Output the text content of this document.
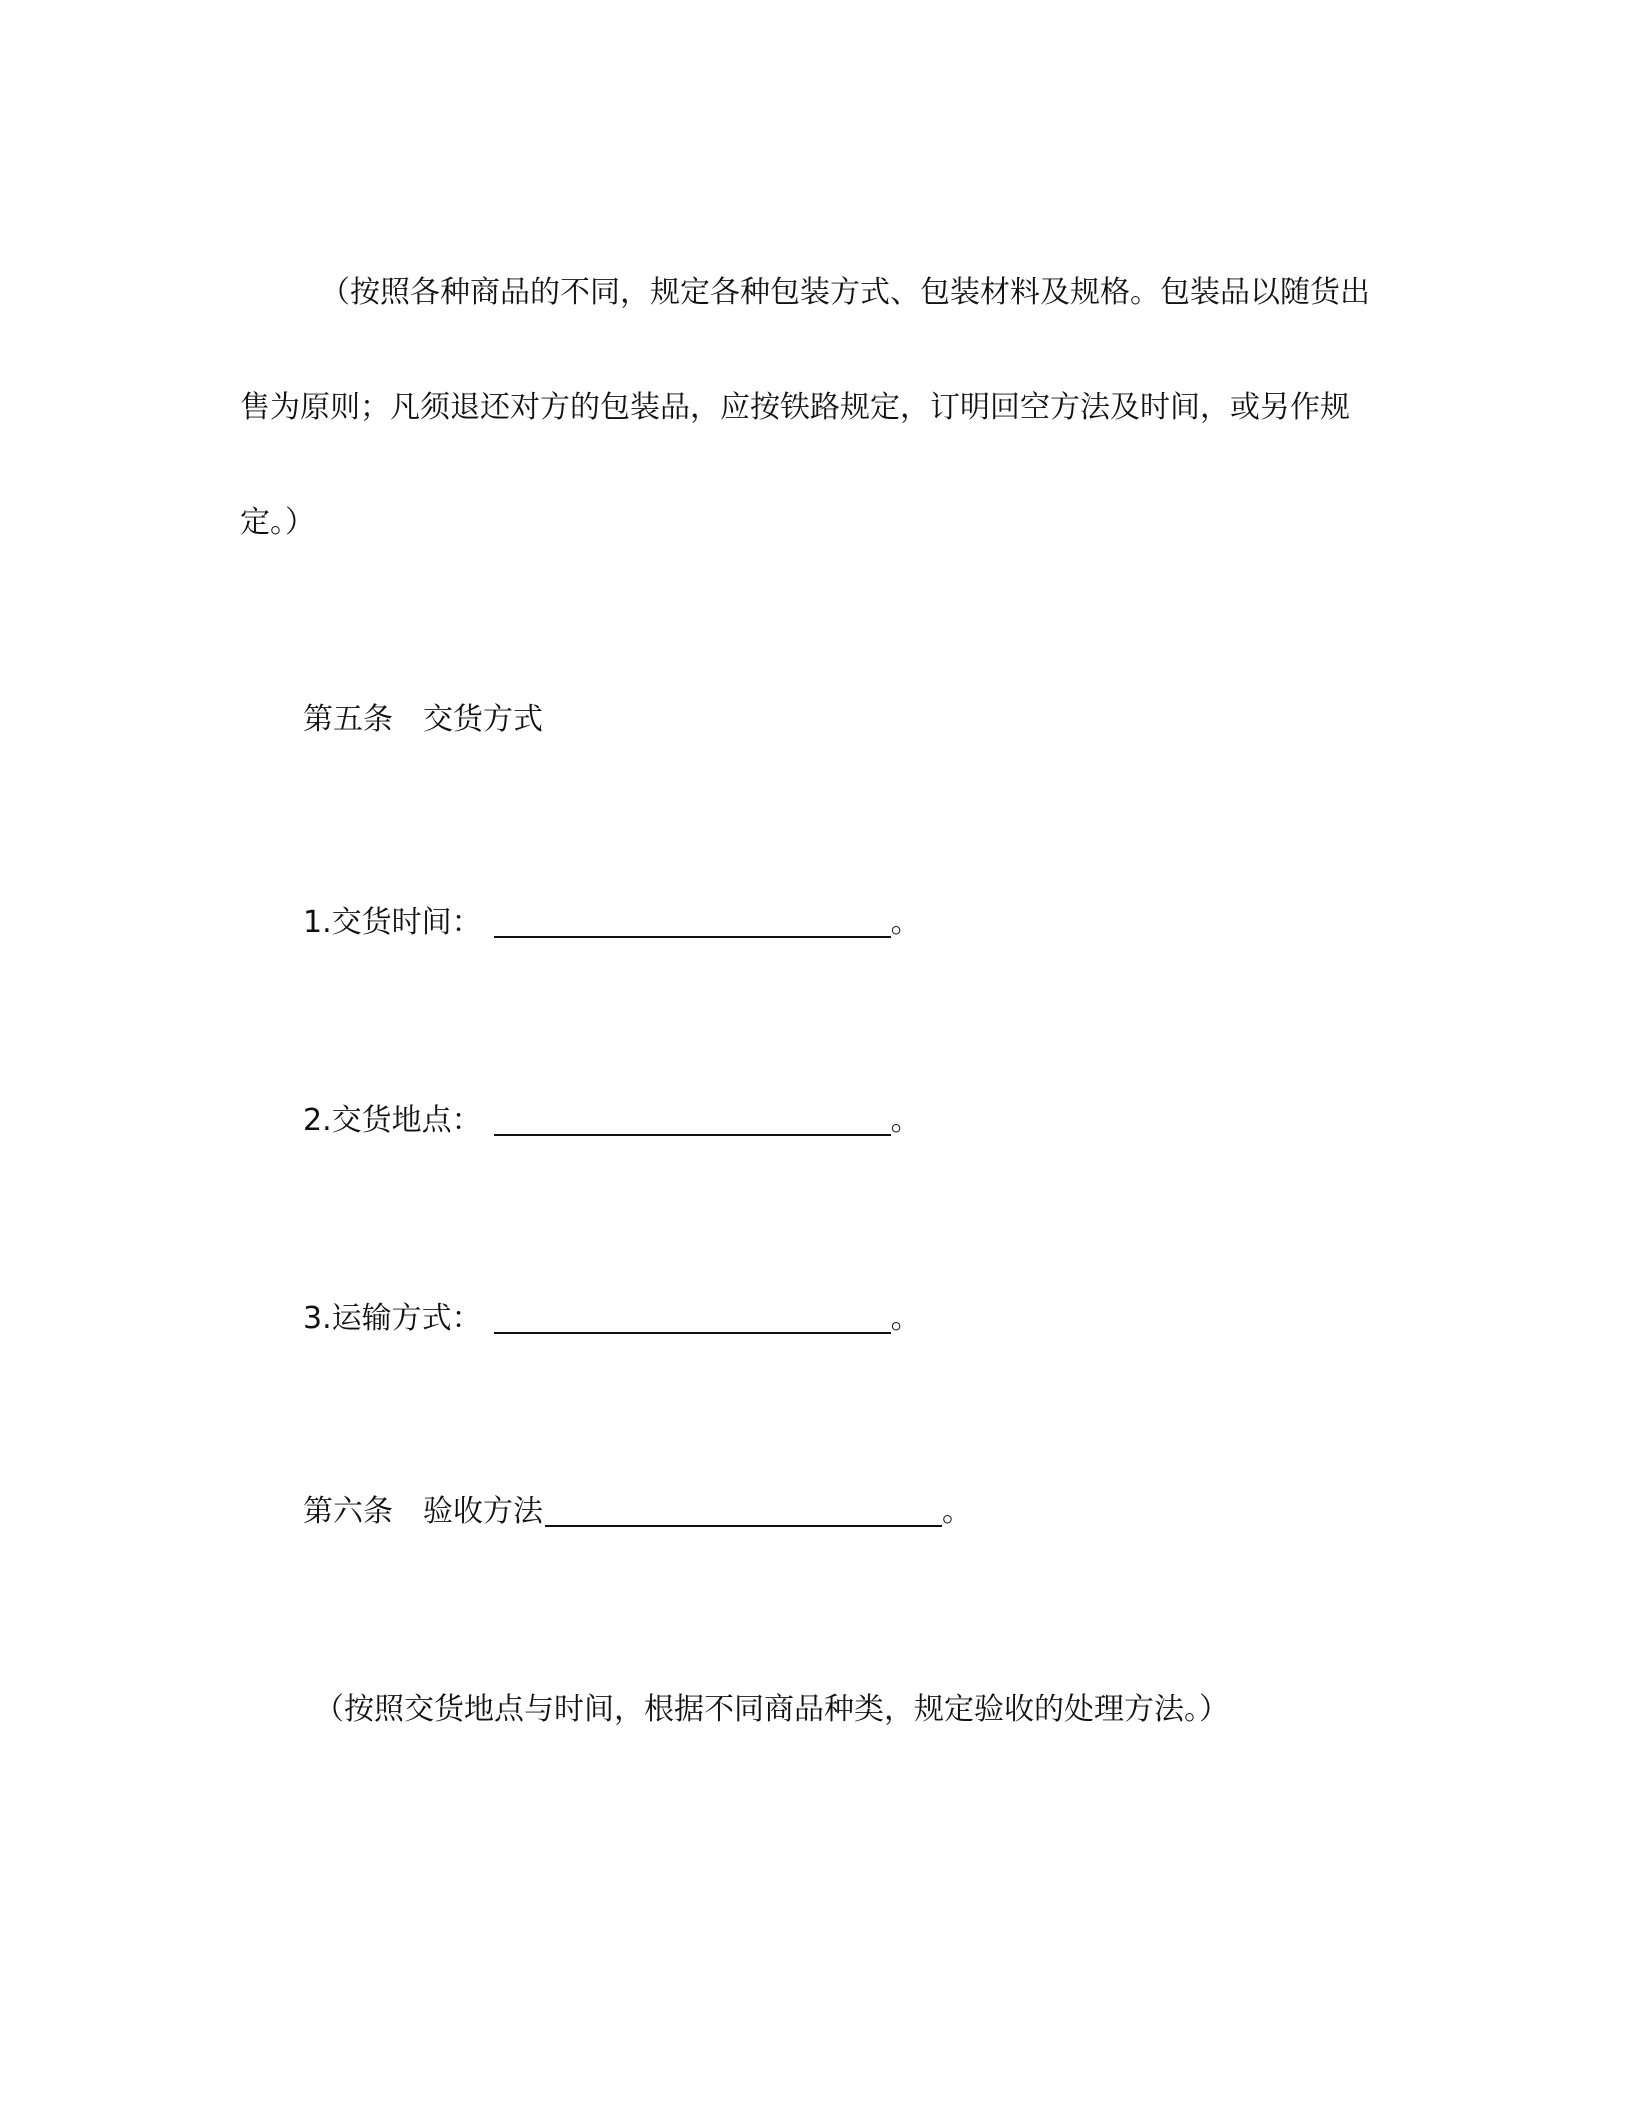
（按照各种商品的不同，规定各种包装方式、包装材料及规格。包装品以随货出售为原则；凡须退还对方的包装品，应按铁路规定，订明回空方法及时间，或另作规定。）
第五条 交货方式
1.交货时间：	。
2.交货地点：	。
3.运输方式：	。
第六条 验收方法	。
（按照交货地点与时间，根据不同商品种类，规定验收的处理方法。）
